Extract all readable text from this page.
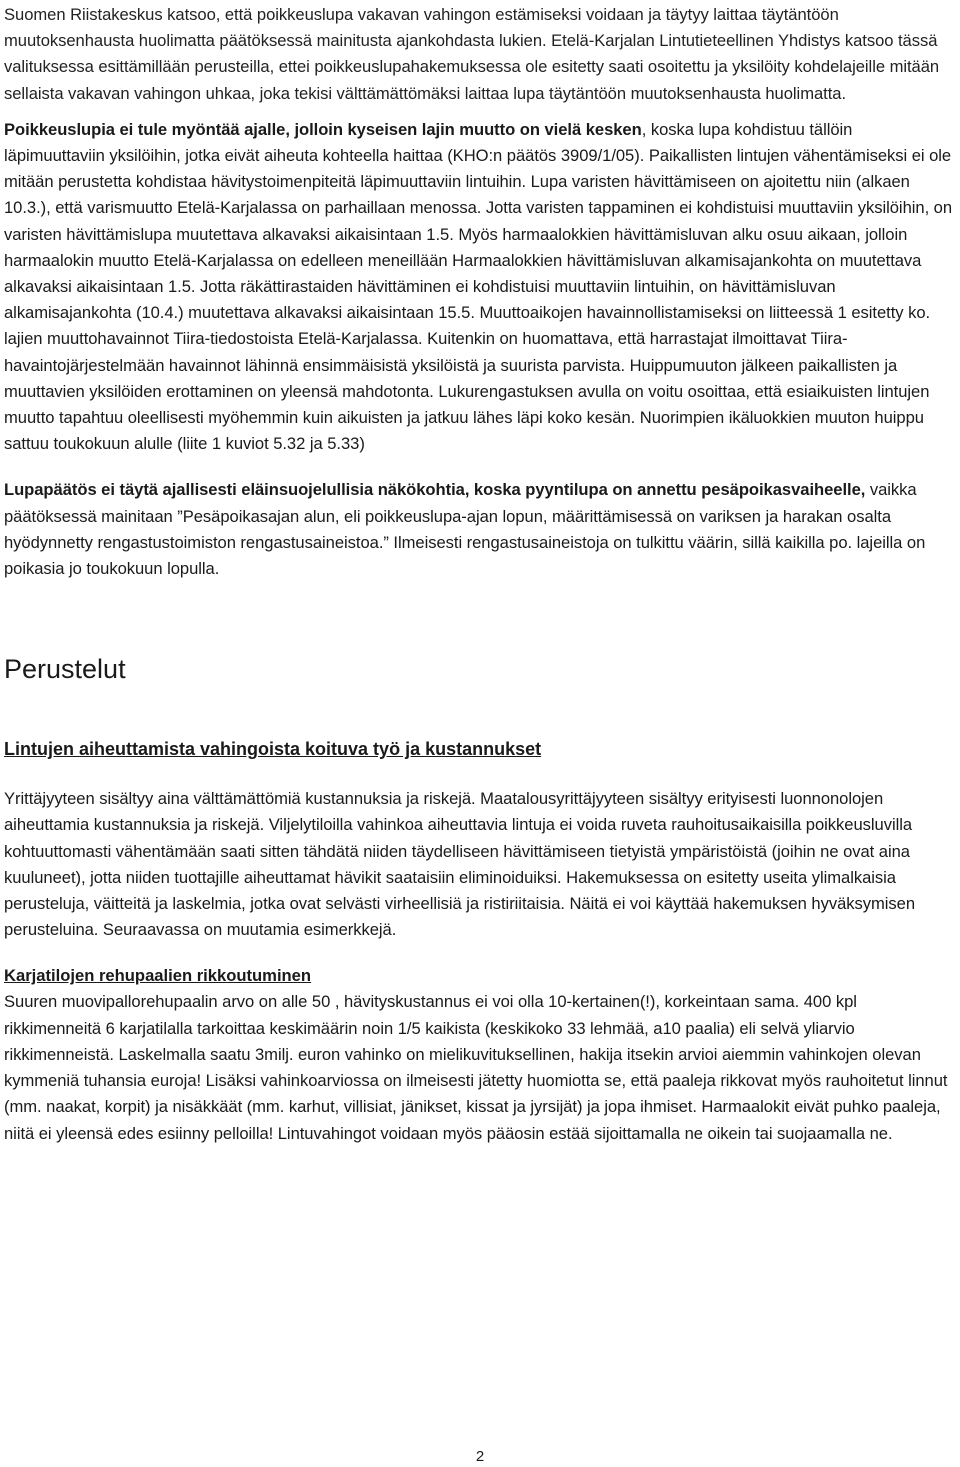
Suomen Riistakeskus katsoo, että poikkeuslupa vakavan vahingon estämiseksi voidaan ja täytyy laittaa täytäntöön muutoksenhausta huolimatta päätöksessä mainitusta ajankohdasta lukien. Etelä-Karjalan Lintutieteellinen Yhdistys katsoo tässä valituksessa esittämillään perusteilla, ettei poikkeuslupahakemuksessa ole esitetty saati osoitettu ja yksilöity kohdelajeille mitään sellaista vakavan vahingon uhkaa, joka tekisi välttämättömäksi laittaa lupa täytäntöön muutoksenhausta huolimatta.

Poikkeuslupia ei tule myöntää ajalle, jolloin kyseisen lajin muutto on vielä kesken, koska lupa kohdistuu tällöin läpimuuttaviin yksilöihin, jotka eivät aiheuta kohteella haittaa (KHO:n päätös 3909/1/05). Paikallisten lintujen vähentämiseksi ei ole mitään perustetta kohdistaa hävitystoimenpiteitä läpimuuttaviin lintuihin. Lupa varisten hävittämiseen on ajoitettu niin (alkaen 10.3.), että varismuutto Etelä-Karjalassa on parhaillaan menossa. Jotta varisten tappaminen ei kohdistuisi muuttaviin yksilöihin, on varisten hävittämislupa muutettava alkavaksi aikaisintaan 1.5. Myös harmaalokkien hävittämisluvan alku osuu aikaan, jolloin harmaalokin muutto Etelä-Karjalassa on edelleen meneillään Harmaalokkien hävittämisluvan alkamisajankohta on muutettava alkavaksi aikaisintaan 1.5. Jotta räkättirastaiden hävittäminen ei kohdistuisi muuttaviin lintuihin, on hävittämisluvan alkamisajankohta (10.4.) muutettava alkavaksi aikaisintaan 15.5. Muuttoaikojen havainnollistamiseksi on liitteessä 1 esitetty ko. lajien muuttohavainnot Tiira-tiedostoista Etelä-Karjalassa. Kuitenkin on huomattava, että harrastajat ilmoittavat Tiira-havaintojärjestelmään havainnot lähinnä ensimmäisistä yksilöistä ja suurista parvista. Huippumuuton jälkeen paikallisten ja muuttavien yksilöiden erottaminen on yleensä mahdotonta. Lukurengastuksen avulla on voitu osoittaa, että esiaikuisten lintujen muutto tapahtuu oleellisesti myöhemmin kuin aikuisten ja jatkuu lähes läpi koko kesän. Nuorimpien ikäluokkien muuton huippu sattuu toukokuun alulle (liite 1 kuviot 5.32 ja 5.33)

Lupapäätös ei täytä ajallisesti eläinsuojelullisia näkökohtia, koska pyyntilupa on annettu pesäpoikasvaiheelle, vaikka päätöksessä mainitaan ”Pesäpoikasajan alun, eli poikkeuslupa-ajan lopun, määrittämisessä on variksen ja harakan osalta hyödynnetty rengastustoimiston rengastusaineistoa.” Ilmeisesti rengastusaineistoja on tulkittu väärin, sillä kaikilla po. lajeilla on poikasia jo toukokuun lopulla.

Perustelut
Lintujen aiheuttamista vahingoista koituva työ ja kustannukset

Yrittäjyyteen sisältyy aina välttämättömiä kustannuksia ja riskejä. Maatalousyrittäjyyteen sisältyy erityisesti luonnonolojen aiheuttamia kustannuksia ja riskejä. Viljelytiloilla vahinkoa aiheuttavia lintuja ei voida ruveta rauhoitusaikaisilla poikkeusluvilla kohtuuttomasti vähentämään saati sitten tähdätä niiden täydelliseen hävittämiseen tietyistä ympäristöistä (joihin ne ovat aina kuuluneet), jotta niiden tuottajille aiheuttamat hävikit saataisiin eliminoiduiksi. Hakemuksessa on esitetty useita ylimalkaisia perusteluja, väitteitä ja laskelmia, jotka ovat selvästi virheellisiä ja ristiriitaisia. Näitä ei voi käyttää hakemuksen hyväksymisen perusteluina. Seuraavassa on muutamia esimerkkejä.

Karjatilojen rehupaalien rikkoutuminen

Suuren muovipallorehupaalin arvo on alle 50 , hävityskustannus ei voi olla 10-kertainen(!), korkeintaan sama. 400 kpl rikkimenneitä 6 karjatilalla tarkoittaa keskimäärin noin 1/5 kaikista (keskikoko 33 lehmää, a10 paalia) eli selvä yliarvio rikkimenneistä. Laskelmalla saatu 3milj. euron vahinko on mielikuvituksellinen, hakija itsekin arvioi aiemmin vahinkojen olevan kymmeniä tuhansia euroja! Lisäksi vahinkoarviossa on ilmeisesti jätetty huomiotta se, että paaleja rikkovat myös rauhoitetut linnut (mm. naakat, korpit) ja nisäkkäät (mm. karhut, villisiat, jänikset, kissat ja jyrsijät) ja jopa ihmiset. Harmaalokit eivät puhko paaleja, niitä ei yleensä edes esiinny pelloilla! Lintuvahingot voidaan myös pääosin estää sijoittamalla ne oikein tai suojaamalla ne.

2
